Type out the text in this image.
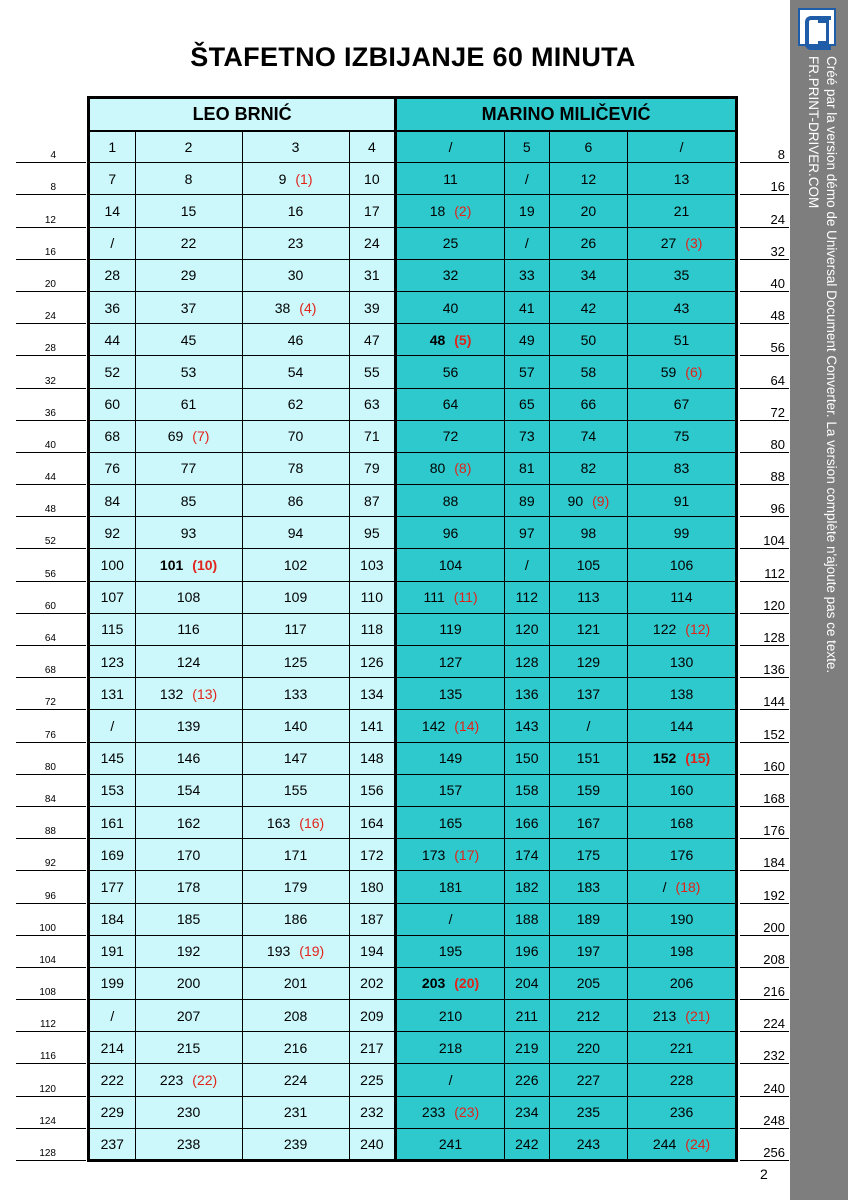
ŠTAFETNO IZBIJANJE 60 MINUTA
LEO BRNIĆ				MARINO MILIČEVIĆ			
1	2	3	4	/	5	6	/
7	8	9 (1)	10	11	/	12	13
14	15	16	17	18 (2)	19	20	21
/	22	23	24	25	/	26	27 (3)
28	29	30	31	32	33	34	35
36	37	38 (4)	39	40	41	42	43
44	45	46	47	48 (5)	49	50	51
52	53	54	55	56	57	58	59 (6)
60	61	62	63	64	65	66	67
68	69 (7)	70	71	72	73	74	75
76	77	78	79	80 (8)	81	82	83
84	85	86	87	88	89	90 (9)	91
92	93	94	95	96	97	98	99
100	101 (10)	102	103	104	/	105	106
107	108	109	110	111 (11)	112	113	114
115	116	117	118	119	120	121	122 (12)
123	124	125	126	127	128	129	130
131	132 (13)	133	134	135	136	137	138
/	139	140	141	142 (14)	143	/	144
145	146	147	148	149	150	151	152 (15)
153	154	155	156	157	158	159	160
161	162	163 (16)	164	165	166	167	168
169	170	171	172	173 (17)	174	175	176
177	178	179	180	181	182	183	/ (18)
184	185	186	187	/	188	189	190
191	192	193 (19)	194	195	196	197	198
199	200	201	202	203 (20)	204	205	206
/	207	208	209	210	211	212	213 (21)
214	215	216	217	218	219	220	221
222	223 (22)	224	225	/	226	227	228
229	230	231	232	233 (23)	234	235	236
237	238	239	240	241	242	243	244 (24)
4
8
12
16
20
24
28
32
36
40
44
48
52
56
60
64
68
72
76
80
84
88
92
96
100
104
108
112
116
120
124
128
8
16
24
32
40
48
56
64
72
80
88
96
104
112
120
128
136
144
152
160
168
176
184
192
200
208
216
224
232
240
248
256
2
Créé par la version démo de Universal Document Converter. La version complète n'ajoute pas ce texte.
FR.PRINT-DRIVER.COM
